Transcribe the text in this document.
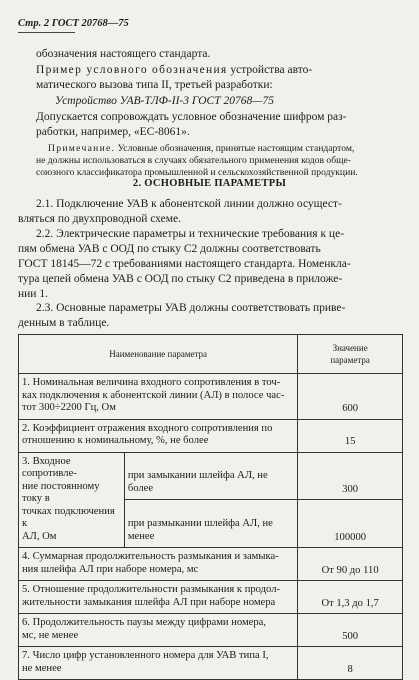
Стр. 2 ГОСТ 20768—75
обозначения настоящего стандарта.
Пример условного обозначения устройства авто-
матического вызова типа II, третьей разработки:
Устройство УАВ-ТЛФ-II-3 ГОСТ 20768—75
Допускается сопровождать условное обозначение шифром раз-
работки, например, «ЕС-8061».
Примечание. Условные обозначения, принятые настоящим стандартом,
не должны использоваться в случаях обязательного применения кодов обще-
союзного классификатора промышленной и сельскохозяйственной продукции.
2. ОСНОВНЫЕ ПАРАМЕТРЫ
2.1. Подключение УАВ к абонентской линии должно осущест-
вляться по двухпроводной схеме.
2.2. Электрические параметры и технические требования к це-
пям обмена УАВ с ООД по стыку С2 должны соответствовать
ГОСТ 18145—72 с требованиями настоящего стандарта. Номенкла-
тура цепей обмена УАВ с ООД по стыку С2 приведена в приложе-
нии 1.
2.3. Основные параметры УАВ должны соответствовать приве-
Наименование параметра		Значение
параметра
1. Номинальная величина входного сопротивления в точ-
ках подключения к абонентской линии (АЛ) в полосе час-
тот 300÷2200 Гц, Ом		600
2. Коэффициент отражения входного сопротивления по
отношению к номинальному, %, не более		15
3. Входное сопротивле-
ние постоянному току в
точках подключения к
АЛ, Ом	при замыкании шлейфа АЛ, не
более	300
	при размыкании шлейфа АЛ, не
менее	100000
4. Суммарная продолжительность размыкания и замыка-
ния шлейфа АЛ при наборе номера, мс		От 90 до 110
5. Отношение продолжительности размыкания к продол-
жительности замыкания шлейфа АЛ при наборе номера		От 1,3 до 1,7
6. Продолжительность паузы между цифрами номера,
мс, не менее		500
7. Число цифр установленного номера для УАВ типа I,
не менее		8
денным в таблице.
